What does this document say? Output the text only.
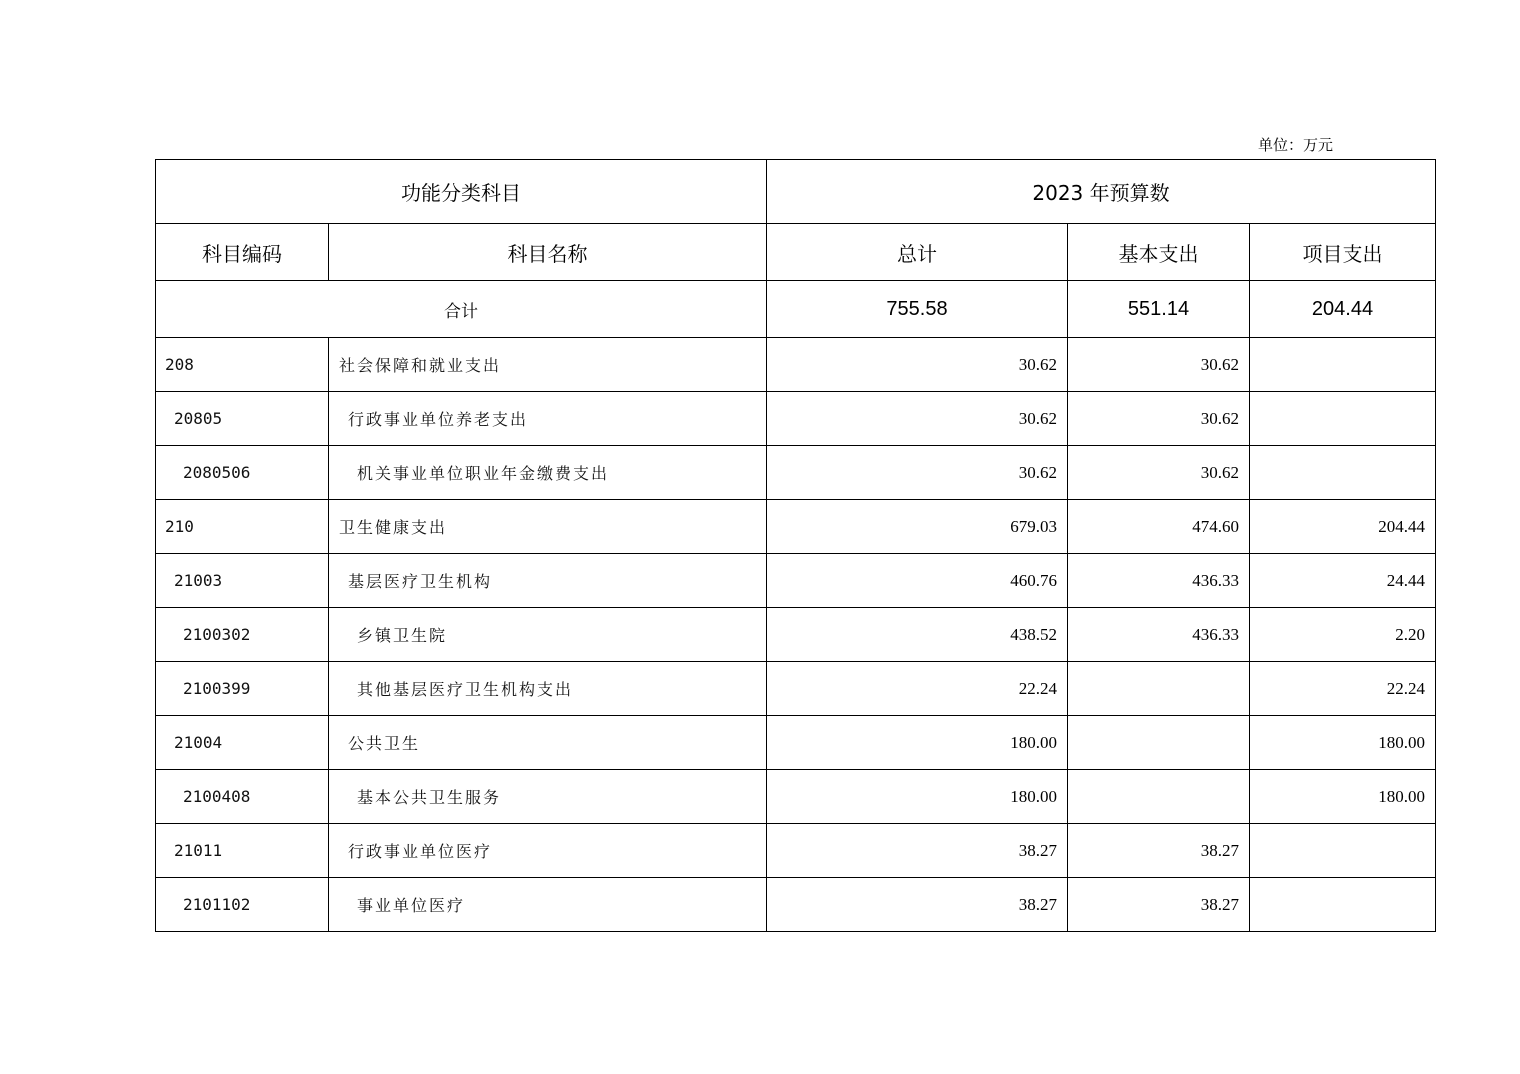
单位：万元
功能分类科目		2023 年预算数		
科目编码	科目名称	总计	基本支出	项目支出
合计		755.58	551.14	204.44
208	社会保障和就业支出	30.62	30.62	
20805	行政事业单位养老支出	30.62	30.62	
2080506	机关事业单位职业年金缴费支出	30.62	30.62	
210	卫生健康支出	679.03	474.60	204.44
21003	基层医疗卫生机构	460.76	436.33	24.44
2100302	乡镇卫生院	438.52	436.33	2.20
2100399	其他基层医疗卫生机构支出	22.24		22.24
21004	公共卫生	180.00		180.00
2100408	基本公共卫生服务	180.00		180.00
21011	行政事业单位医疗	38.27	38.27	
2101102	事业单位医疗	38.27	38.27	
